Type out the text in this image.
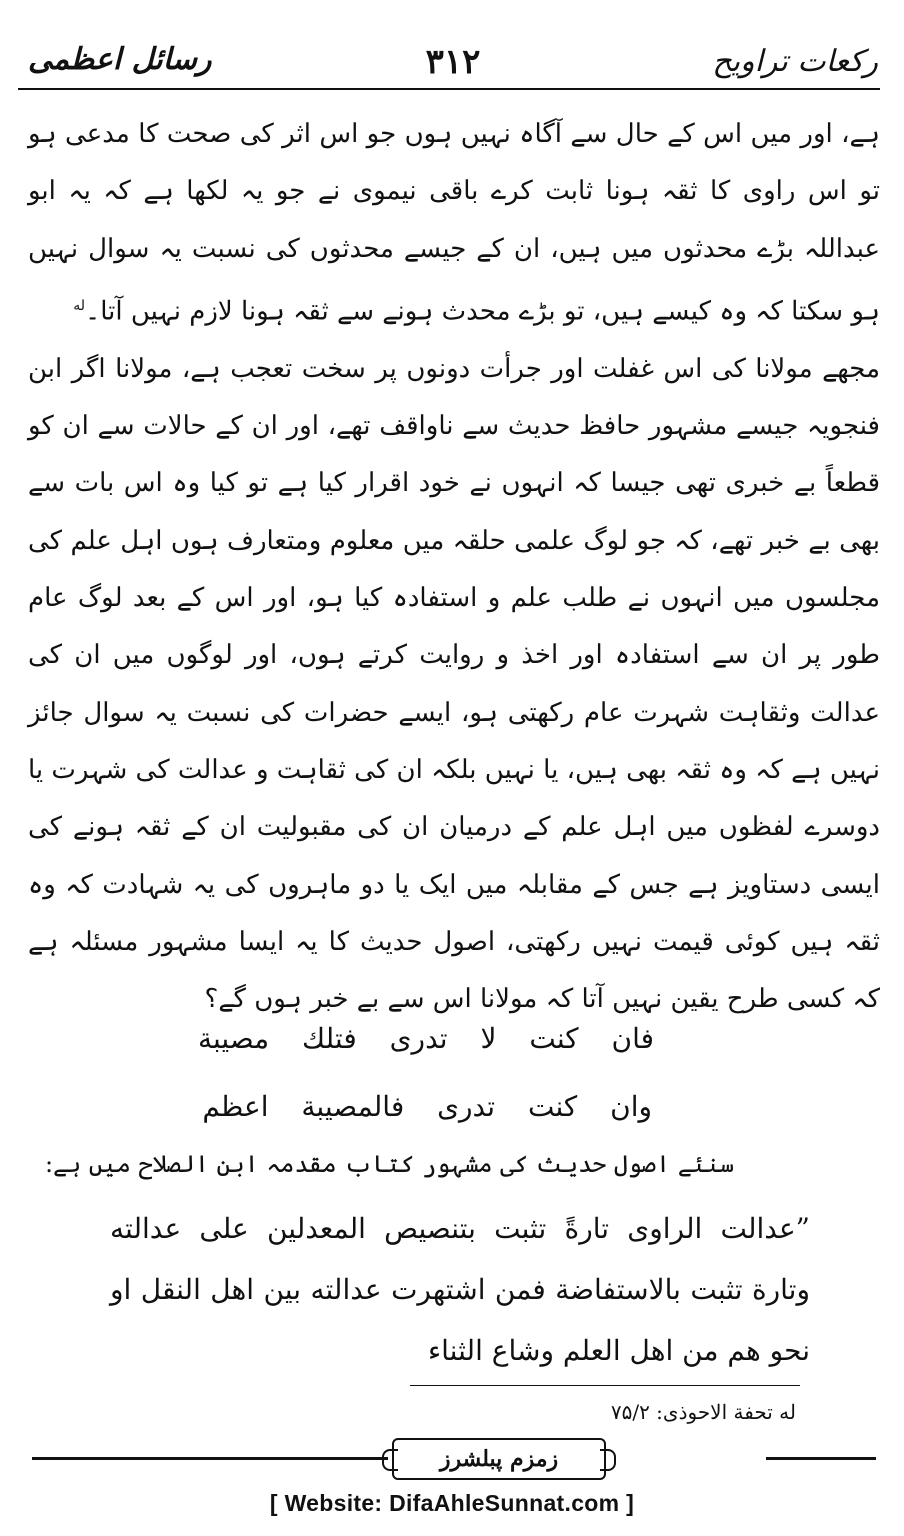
رکعات تراویح
۳۱۲
رسائل اعظمی

ہے، اور میں اس کے حال سے آگاہ نہیں ہوں جو اس اثر کی صحت کا مدعی ہو تو اس راوی کا ثقہ ہونا ثابت کرے باقی نیموی نے جو یہ لکھا ہے کہ یہ ابو عبداللہ بڑے محدثوں میں ہیں، ان کے جیسے محدثوں کی نسبت یہ سوال نہیں ہو سکتا کہ وہ کیسے ہیں، تو بڑے محدث ہونے سے ثقہ ہونا لازم نہیں آتا۔$^{له}$

مجھے مولانا کی اس غفلت اور جرأت دونوں پر سخت تعجب ہے، مولانا اگر ابن فنجویہ جیسے مشہور حافظ حدیث سے ناواقف تھے، اور ان کے حالات سے ان کو قطعاً بے خبری تھی جیسا کہ انہوں نے خود اقرار کیا ہے تو کیا وہ اس بات سے بھی بے خبر تھے، کہ جو لوگ علمی حلقہ میں معلوم ومتعارف ہوں اہل علم کی مجلسوں میں انہوں نے طلب علم و استفادہ کیا ہو، اور اس کے بعد لوگ عام طور پر ان سے استفادہ اور اخذ و روایت کرتے ہوں، اور لوگوں میں ان کی عدالت وثقاہت شہرت عام رکھتی ہو، ایسے حضرات کی نسبت یہ سوال جائز نہیں ہے کہ وہ ثقہ بھی ہیں، یا نہیں بلکہ ان کی ثقاہت و عدالت کی شہرت یا دوسرے لفظوں میں اہل علم کے درمیان ان کی مقبولیت ان کے ثقہ ہونے کی ایسی دستاویز ہے جس کے مقابلہ میں ایک یا دو ماہروں کی یہ شہادت کہ وہ ثقہ ہیں کوئی قیمت نہیں رکھتی، اصول حدیث کا یہ ایسا مشہور مسئلہ ہے کہ کسی طرح یقین نہیں آتا کہ مولانا اس سے بے خبر ہوں گے؟

فان كنت لا تدرى فتلك مصيبة
وان كنت تدرى فالمصيبة اعظم
سنئے اصول حدیث کی مشہور کتاب مقدمہ ابن الصلاح میں ہے:
”عدالت الراوى تارةً تثبت بتنصيص المعدلين على عدالته وتارة تثبت بالاستفاضة فمن اشتهرت عدالته بين اهل النقل او نحو هم من اهل العلم وشاع الثناء
له تحفة الاحوذى: ۷۵/۲
زمزم پبلشرز
[ Website: DifaAhleSunnat.com ]
